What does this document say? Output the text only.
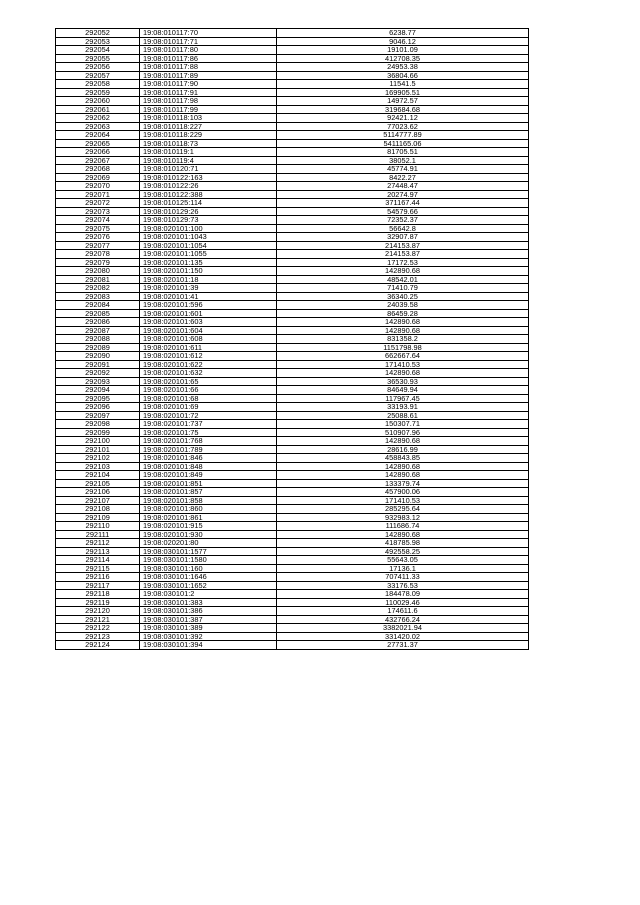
292052	19:08:010117:70	6238.77
292053	19:08:010117:71	9046.12
292054	19:08:010117:80	19101.09
292055	19:08:010117:86	412708.35
292056	19:08:010117:88	24953.38
292057	19:08:010117:89	36804.66
292058	19:08:010117:90	11541.5
292059	19:08:010117:91	169905.51
292060	19:08:010117:98	14972.57
292061	19:08:010117:99	319684.68
292062	19:08:010118:103	92421.12
292063	19:08:010118:227	77023.62
292064	19:08:010118:229	5114777.89
292065	19:08:010118:73	5411165.06
292066	19:08:010119:1	81705.51
292067	19:08:010119:4	38052.1
292068	19:08:010120:71	45774.91
292069	19:08:010122:163	8422.27
292070	19:08:010122:26	27448.47
292071	19:08:010122:388	20274.97
292072	19:08:010125:114	371167.44
292073	19:08:010129:26	54579.66
292074	19:08:010129:73	72352.37
292075	19:08:020101:100	56642.8
292076	19:08:020101:1043	32907.87
292077	19:08:020101:1054	214153.87
292078	19:08:020101:1055	214153.87
292079	19:08:020101:135	17172.53
292080	19:08:020101:150	142890.68
292081	19:08:020101:18	48542.01
292082	19:08:020101:39	71410.79
292083	19:08:020101:41	36340.25
292084	19:08:020101:596	24039.58
292085	19:08:020101:601	86459.28
292086	19:08:020101:603	142890.68
292087	19:08:020101:604	142890.68
292088	19:08:020101:608	831358.2
292089	19:08:020101:611	1151798.98
292090	19:08:020101:612	662667.64
292091	19:08:020101:622	171410.53
292092	19:08:020101:632	142890.68
292093	19:08:020101:65	36530.93
292094	19:08:020101:66	84649.94
292095	19:08:020101:68	117967.45
292096	19:08:020101:69	33193.91
292097	19:08:020101:72	25088.61
292098	19:08:020101:737	150307.71
292099	19:08:020101:75	510907.96
292100	19:08:020101:768	142890.68
292101	19:08:020101:789	28616.99
292102	19:08:020101:846	458843.85
292103	19:08:020101:848	142890.68
292104	19:08:020101:849	142890.68
292105	19:08:020101:851	133379.74
292106	19:08:020101:857	457900.06
292107	19:08:020101:858	171410.53
292108	19:08:020101:860	285295.64
292109	19:08:020101:861	932983.12
292110	19:08:020101:915	111686.74
292111	19:08:020101:930	142890.68
292112	19:08:020201:80	418785.98
292113	19:08:030101:1577	492558.25
292114	19:08:030101:1580	55643.05
292115	19:08:030101:160	17136.1
292116	19:08:030101:1646	707411.33
292117	19:08:030101:1652	33176.53
292118	19:08:030101:2	184478.09
292119	19:08:030101:383	110029.46
292120	19:08:030101:386	174611.6
292121	19:08:030101:387	432766.24
292122	19:08:030101:389	3382021.94
292123	19:08:030101:392	331420.02
292124	19:08:030101:394	27731.37
